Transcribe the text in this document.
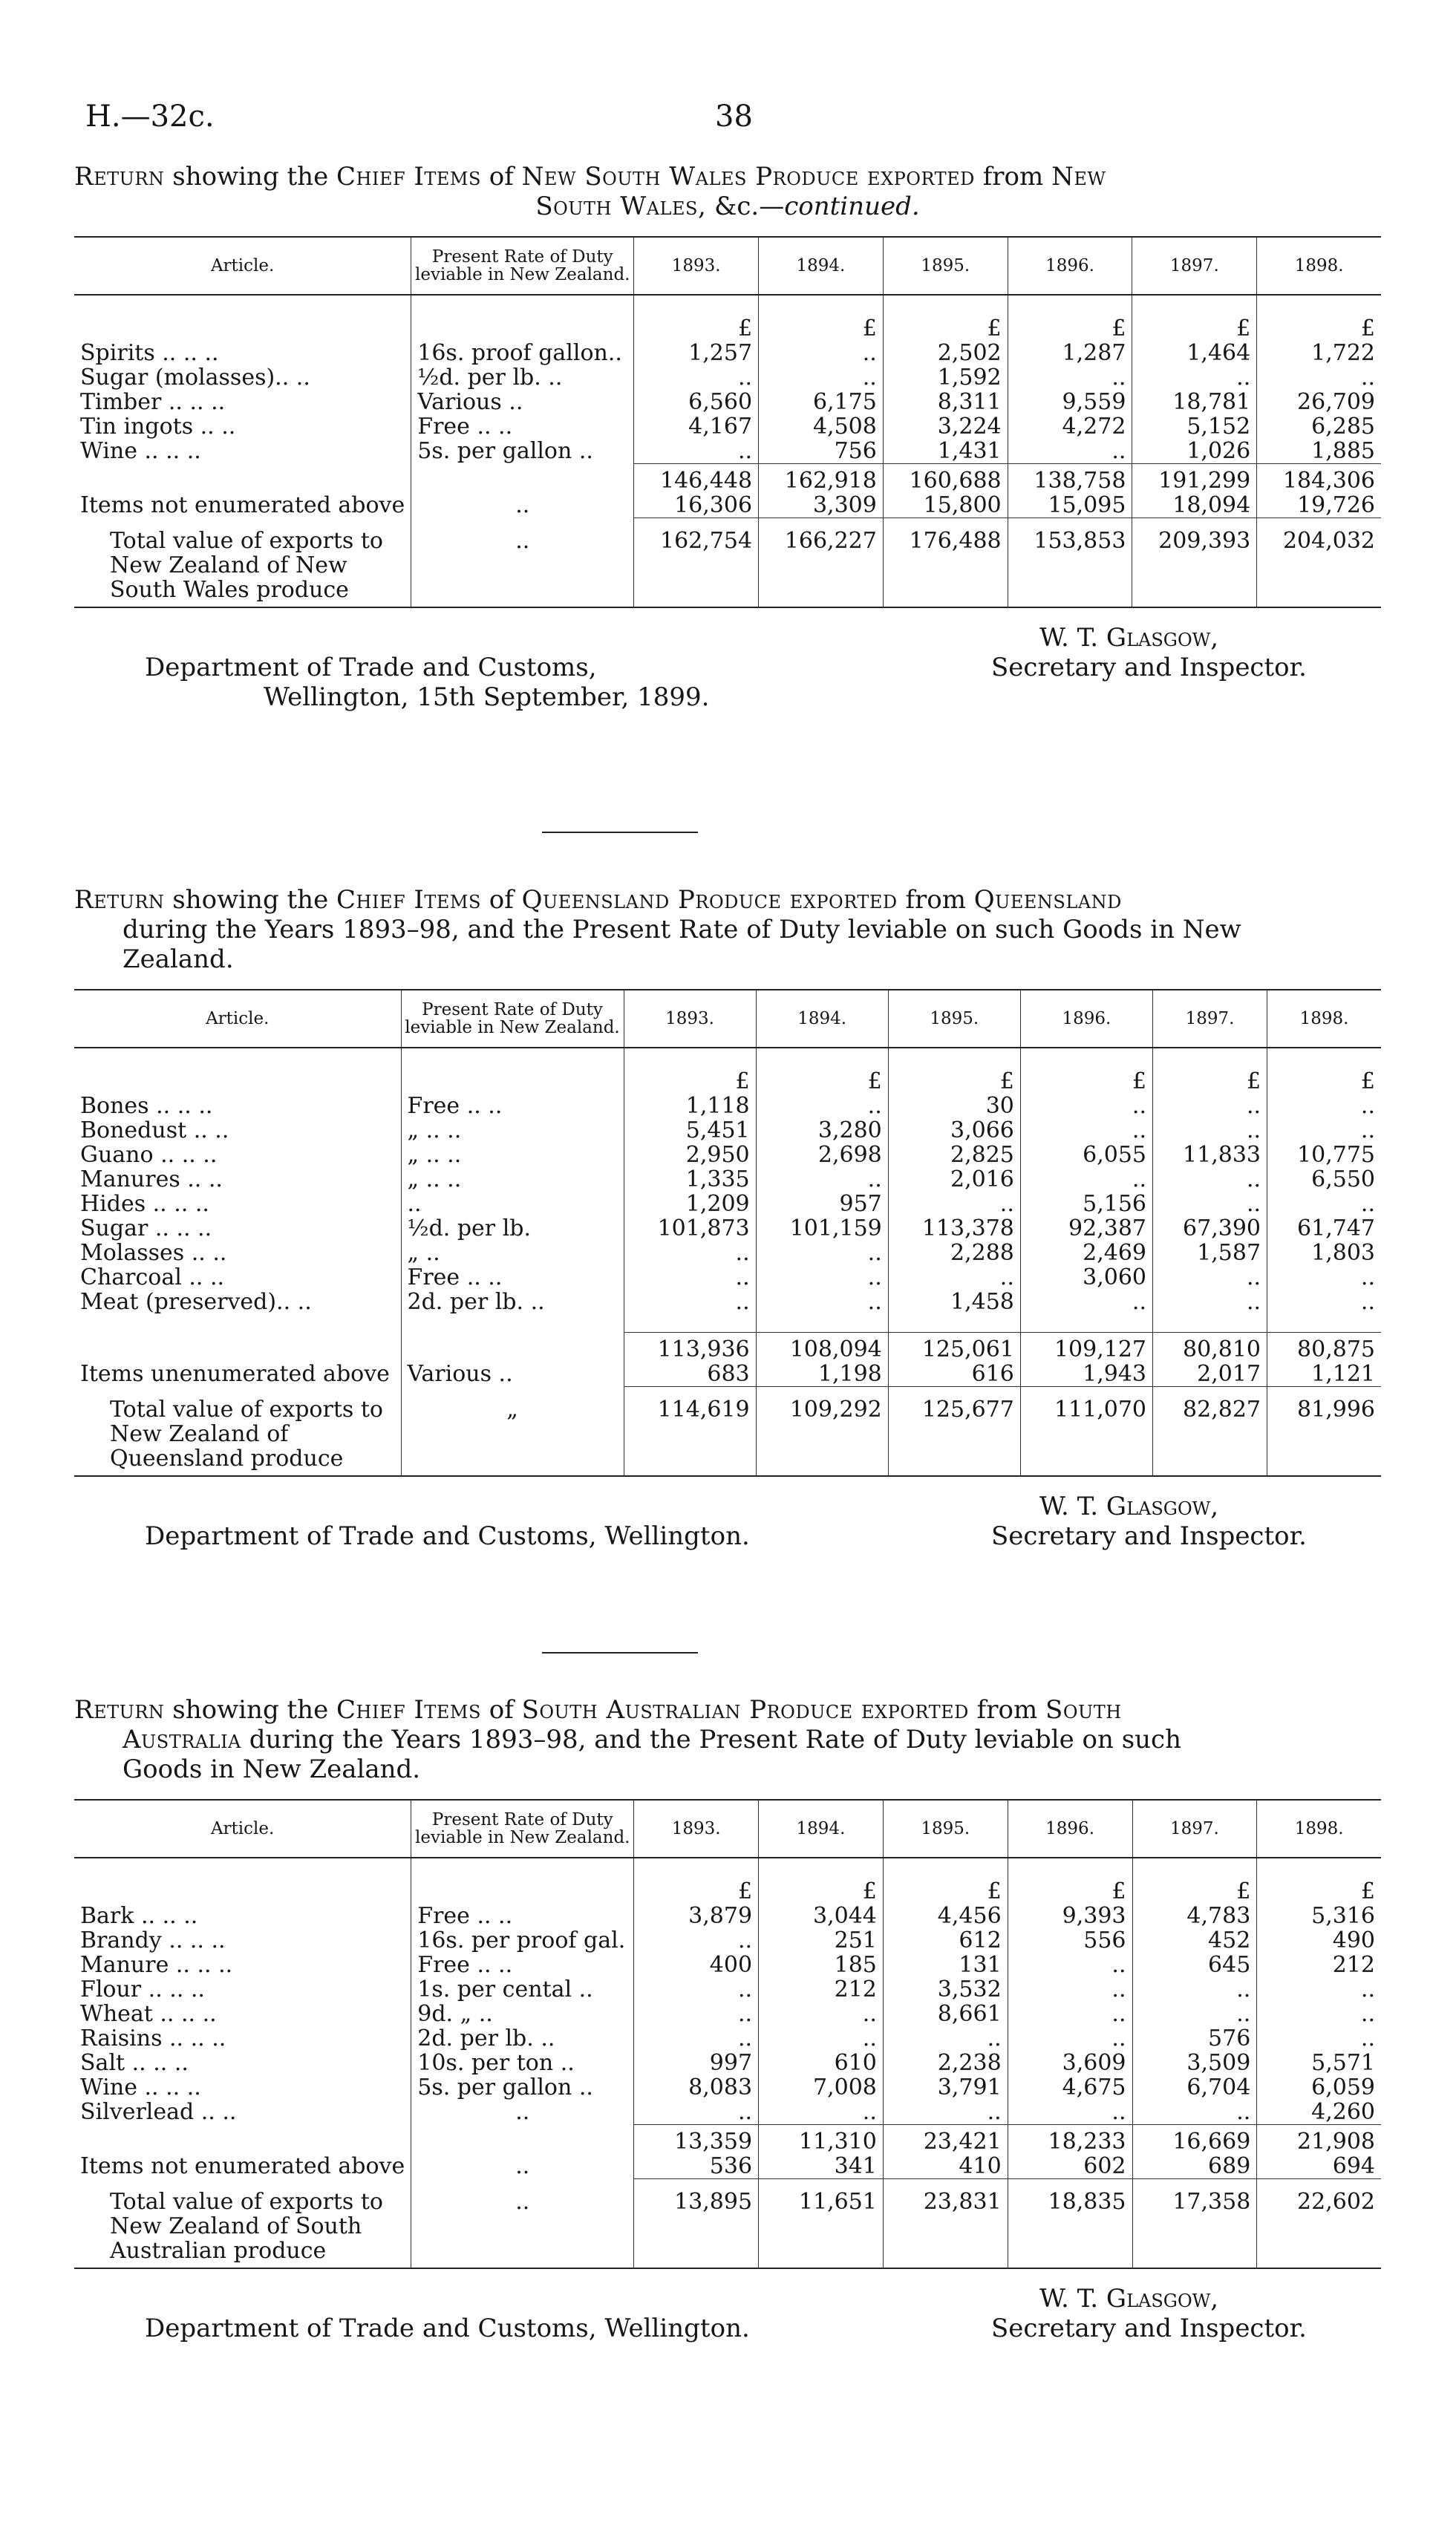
H.—32c.	38

Return showing the Chief Items of New South Wales Produce exported from New
South Wales, &c.—continued.

Article.	Present Rate of Duty leviable in New Zealand.	1893.	1894.	1895.	1896.	1897.	1898.

		£	£	£	£	£	£
Spirits .. .. ..	16s. proof gallon..	1,257	..	2,502	1,287	1,464	1,722
Sugar (molasses).. ..	½d. per lb. ..	..	..	1,592	..	..	..
Timber .. .. ..	Various ..	6,560	6,175	8,311	9,559	18,781	26,709
Tin ingots .. ..	Free .. ..	4,167	4,508	3,224	4,272	5,152	6,285
Wine .. .. ..	5s. per gallon ..	..	756	1,431	..	1,026	1,885
		146,448	162,918	160,688	138,758	191,299	184,306
Items not enumerated above	..	16,306	3,309	15,800	15,095	18,094	19,726

Total value of exports to New Zealand of New South Wales produce	..	162,754	166,227	176,488	153,853	209,393	204,032
Department of Trade and Customs,
Wellington, 15th September, 1899.
W. T. Glasgow,
Secretary and Inspector.

Return showing the Chief Items of Queensland Produce exported from Queensland
during the Years 1893–98, and the Present Rate of Duty leviable on such Goods in New
Zealand.

Article.	Present Rate of Duty leviable in New Zealand.	1893.	1894.	1895.	1896.	1897.	1898.

		£	£	£	£	£	£
Bones .. .. ..	Free .. ..	1,118	..	30	..	..	..
Bonedust .. ..	„ .. ..	5,451	3,280	3,066	..	..	..
Guano .. .. ..	„ .. ..	2,950	2,698	2,825	6,055	11,833	10,775
Manures .. ..	„ .. ..	1,335	..	2,016	..	..	6,550
Hides .. .. ..	..	1,209	957	..	5,156	..	..
Sugar .. .. ..	½d. per lb.	101,873	101,159	113,378	92,387	67,390	61,747
Molasses .. ..	„ ..	..	..	2,288	2,469	1,587	1,803
Charcoal .. ..	Free .. ..	..	..	..	3,060	..	..
Meat (preserved).. ..	2d. per lb. ..	..	..	1,458	..	..	..

		113,936	108,094	125,061	109,127	80,810	80,875
Items unenumerated above	Various ..	683	1,198	616	1,943	2,017	1,121

Total value of exports to New Zealand of Queensland produce	„	114,619	109,292	125,677	111,070	82,827	81,996
Department of Trade and Customs, Wellington.
W. T. Glasgow,
Secretary and Inspector.

Return showing the Chief Items of South Australian Produce exported from South
Australia during the Years 1893–98, and the Present Rate of Duty leviable on such
Goods in New Zealand.

Article.	Present Rate of Duty leviable in New Zealand.	1893.	1894.	1895.	1896.	1897.	1898.

		£	£	£	£	£	£
Bark .. .. ..	Free .. ..	3,879	3,044	4,456	9,393	4,783	5,316
Brandy .. .. ..	16s. per proof gal.	..	251	612	556	452	490
Manure .. .. ..	Free .. ..	400	185	131	..	645	212
Flour .. .. ..	1s. per cental ..	..	212	3,532	..	..	..
Wheat .. .. ..	9d. „ ..	..	..	8,661	..	..	..
Raisins .. .. ..	2d. per lb. ..	..	..	..	..	576	..
Salt .. .. ..	10s. per ton ..	997	610	2,238	3,609	3,509	5,571
Wine .. .. ..	5s. per gallon ..	8,083	7,008	3,791	4,675	6,704	6,059
Silverlead .. ..	..	..	..	..	..	..	4,260
		13,359	11,310	23,421	18,233	16,669	21,908
Items not enumerated above	..	536	341	410	602	689	694

Total value of exports to New Zealand of South Australian produce	..	13,895	11,651	23,831	18,835	17,358	22,602
Department of Trade and Customs, Wellington.
W. T. Glasgow,
Secretary and Inspector.
